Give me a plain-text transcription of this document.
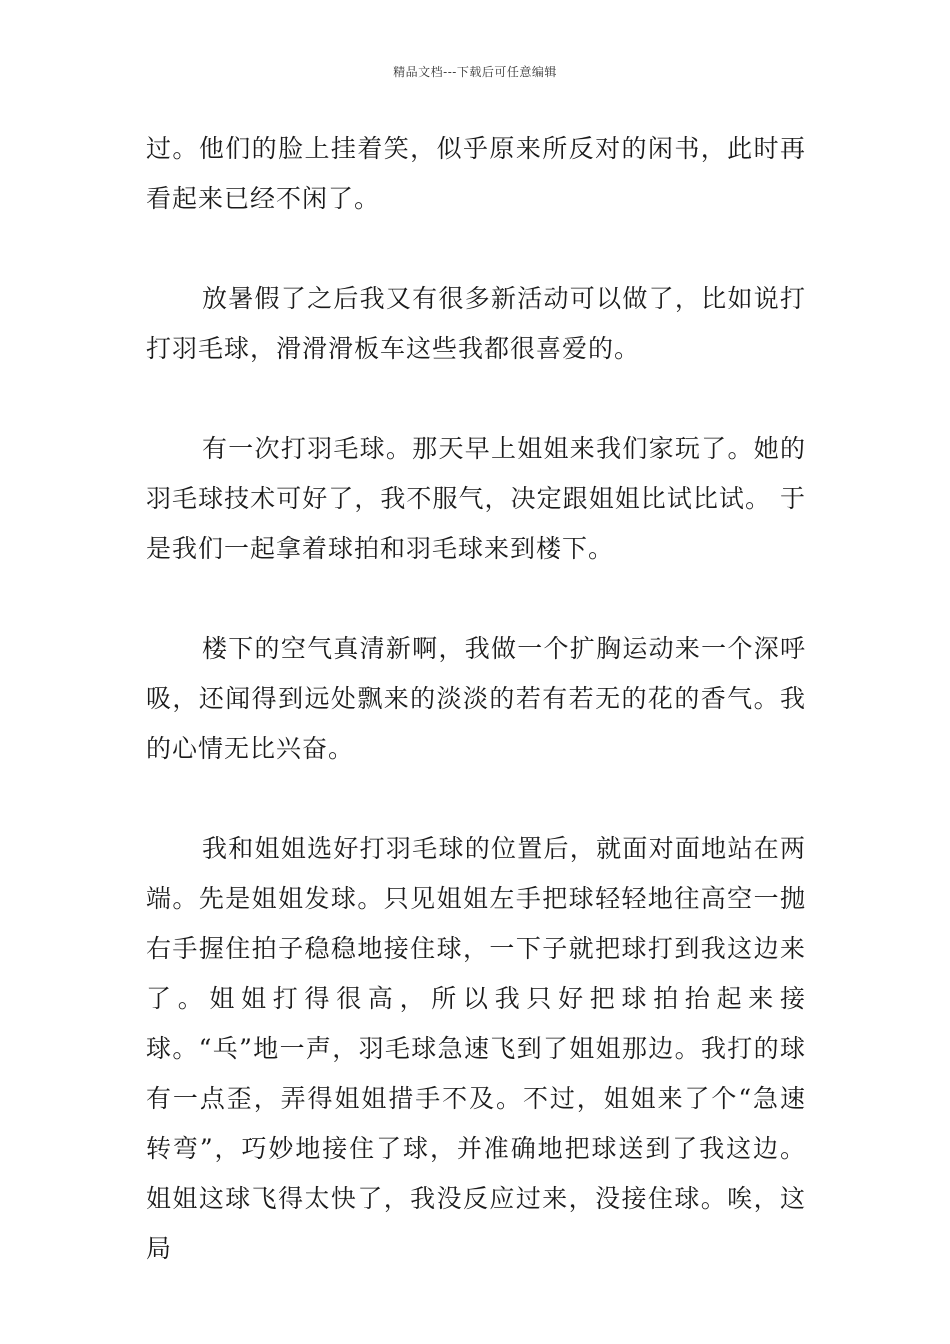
精品文档---下载后可任意编辑

过。他们的脸上挂着笑，似乎原来所反对的闲书，此时再看起来已经不闲了。

放暑假了之后我又有很多新活动可以做了，比如说打打羽毛球，滑滑滑板车这些我都很喜爱的。

有一次打羽毛球。那天早上姐姐来我们家玩了。她的羽毛球技术可好了，我不服气，决定跟姐姐比试比试。 于是我们一起拿着球拍和羽毛球来到楼下。

楼下的空气真清新啊，我做一个扩胸运动来一个深呼吸，还闻得到远处飘来的淡淡的若有若无的花的香气。我的心情无比兴奋。

我和姐姐选好打羽毛球的位置后，就面对面地站在两端。先是姐姐发球。只见姐姐左手把球轻轻地往高空一抛右手握住拍子稳稳地接住球，一下子就把球打到我这边来了。姐姐打得很高，所以我只好把球拍抬起来接球。“乓”地一声，羽毛球急速飞到了姐姐那边。我打的球有一点歪，弄得姐姐措手不及。不过，姐姐来了个“急速转弯”，巧妙地接住了球，并准确地把球送到了我这边。姐姐这球飞得太快了，我没反应过来，没接住球。唉，这局
